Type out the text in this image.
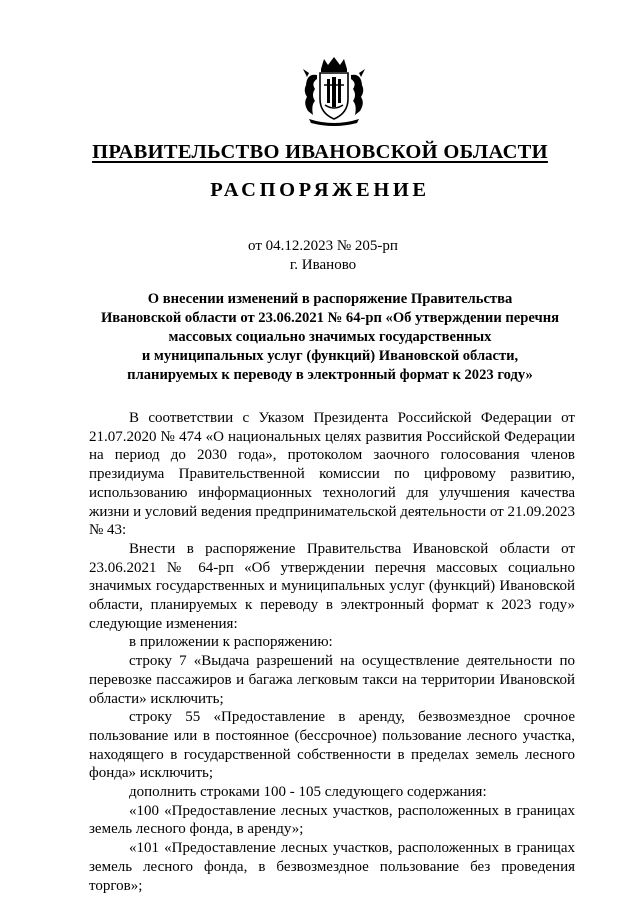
ПРАВИТЕЛЬСТВО ИВАНОВСКОЙ ОБЛАСТИ
РАСПОРЯЖЕНИЕ
от 04.12.2023 № 205-рп
г. Иваново
О внесении изменений в распоряжение Правительства
Ивановской области от 23.06.2021 № 64-рп «Об утверждении перечня
массовых социально значимых государственных
и муниципальных услуг (функций) Ивановской области,
планируемых к переводу в электронный формат к 2023 году»

В соответствии с Указом Президента Российской Федерации от 21.07.2020 № 474 «О национальных целях развития Российской Федерации на период до 2030 года», протоколом заочного голосования членов президиума Правительственной комиссии по цифровому развитию, использованию информационных технологий для улучшения качества жизни и условий ведения предпринимательской деятельности от 21.09.2023 № 43:

Внести в распоряжение Правительства Ивановской области от 23.06.2021 № 64-рп «Об утверждении перечня массовых социально значимых государственных и муниципальных услуг (функций) Ивановской области, планируемых к переводу в электронный формат к 2023 году» следующие изменения:

в приложении к распоряжению:

строку 7 «Выдача разрешений на осуществление деятельности по перевозке пассажиров и багажа легковым такси на территории Ивановской области» исключить;

строку 55 «Предоставление в аренду, безвозмездное срочное пользование или в постоянное (бессрочное) пользование лесного участка, находящего в государственной собственности в пределах земель лесного фонда» исключить;

дополнить строками 100 - 105 следующего содержания:

«100 «Предоставление лесных участков, расположенных в границах земель лесного фонда, в аренду»;

«101 «Предоставление лесных участков, расположенных в границах земель лесного фонда, в безвозмездное пользование без проведения торгов»;
